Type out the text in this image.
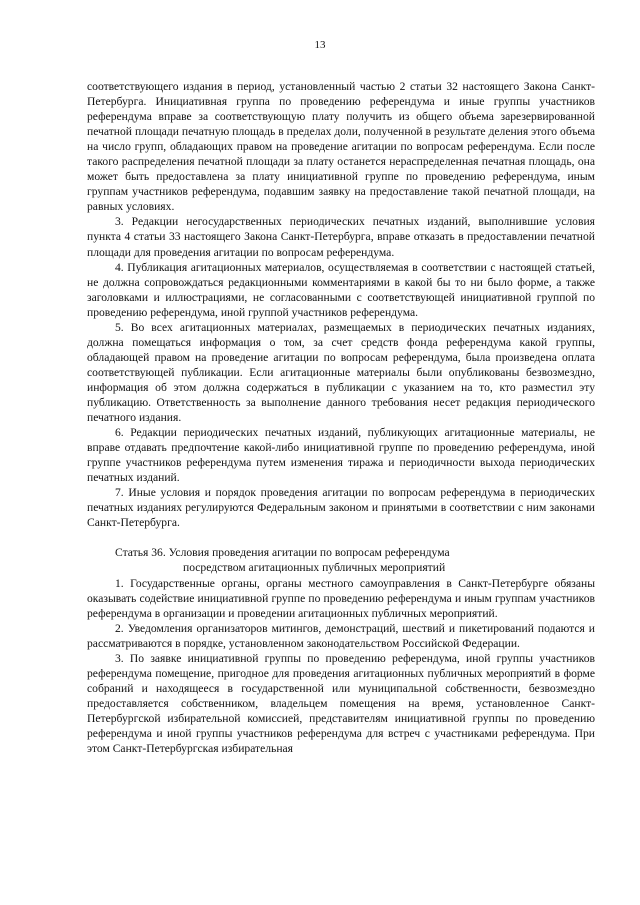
13

соответствующего издания в период, установленный частью 2 статьи 32 настоящего Закона Санкт-Петербурга. Инициативная группа по проведению референдума и иные группы участников референдума вправе за соответствующую плату получить из общего объема зарезервированной печатной площади печатную площадь в пределах доли, полученной в результате деления этого объема на число групп, обладающих правом на проведение агитации по вопросам референдума. Если после такого распределения печатной площади за плату останется нераспределенная печатная площадь, она может быть предоставлена за плату инициативной группе по проведению референдума, иным группам участников референдума, подавшим заявку на предоставление такой печатной площади, на равных условиях.

3. Редакции негосударственных периодических печатных изданий, выполнившие условия пункта 4 статьи 33 настоящего Закона Санкт-Петербурга, вправе отказать в предоставлении печатной площади для проведения агитации по вопросам референдума.

4. Публикация агитационных материалов, осуществляемая в соответствии с настоящей статьей, не должна сопровождаться редакционными комментариями в какой бы то ни было форме, а также заголовками и иллюстрациями, не согласованными с соответствующей инициативной группой по проведению референдума, иной группой участников референдума.

5. Во всех агитационных материалах, размещаемых в периодических печатных изданиях, должна помещаться информация о том, за счет средств фонда референдума какой группы, обладающей правом на проведение агитации по вопросам референдума, была произведена оплата соответствующей публикации. Если агитационные материалы были опубликованы безвозмездно, информация об этом должна содержаться в публикации с указанием на то, кто разместил эту публикацию. Ответственность за выполнение данного требования несет редакция периодического печатного издания.

6. Редакции периодических печатных изданий, публикующих агитационные материалы, не вправе отдавать предпочтение какой-либо инициативной группе по проведению референдума, иной группе участников референдума путем изменения тиража и периодичности выхода периодических печатных изданий.

7. Иные условия и порядок проведения агитации по вопросам референдума в периодических печатных изданиях регулируются Федеральным законом и принятыми в соответствии с ним законами Санкт-Петербурга.

Статья 36. Условия проведения агитации по вопросам референдума
посредством агитационных публичных мероприятий

1. Государственные органы, органы местного самоуправления в Санкт-Петербурге обязаны оказывать содействие инициативной группе по проведению референдума и иным группам участников референдума в организации и проведении агитационных публичных мероприятий.

2. Уведомления организаторов митингов, демонстраций, шествий и пикетирований подаются и рассматриваются в порядке, установленном законодательством Российской Федерации.

3. По заявке инициативной группы по проведению референдума, иной группы участников референдума помещение, пригодное для проведения агитационных публичных мероприятий в форме собраний и находящееся в государственной или муниципальной собственности, безвозмездно предоставляется собственником, владельцем помещения на время, установленное Санкт-Петербургской избирательной комиссией, представителям инициативной группы по проведению референдума и иной группы участников референдума для встреч с участниками референдума. При этом Санкт-Петербургская избирательная
